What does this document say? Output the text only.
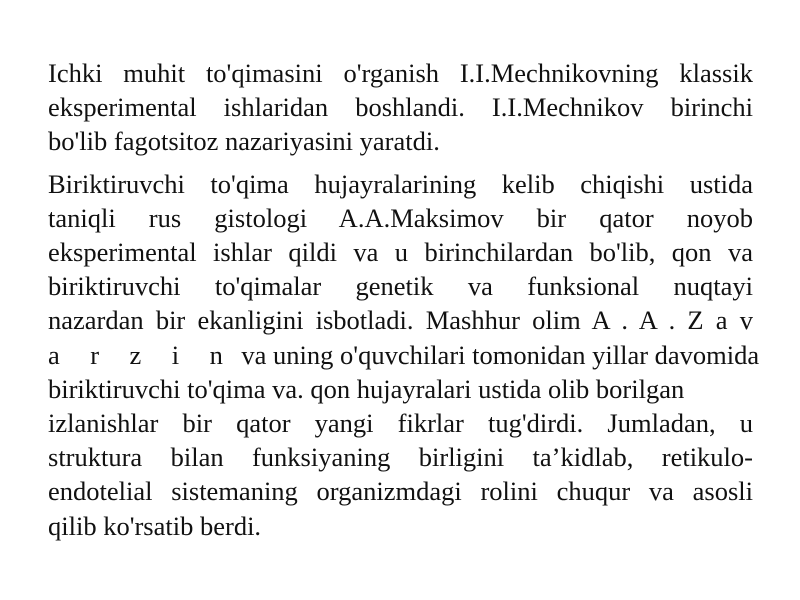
Ichki muhit to'qimasini o'rganish I.I.Mechnikovning klassik
eksperimental ishlaridan boshlandi. I.I.Mechnikov birinchi
bo'lib fagotsitoz nazariyasini yaratdi.

Biriktiruvchi to'qima hujayralarining kelib chiqishi ustida
taniqli rus gistologi A.A.Maksimov bir qator noyob
eksperimental ishlar qildi va u birinchilardan bo'lib, qon va
biriktiruvchi to'qimalar genetik va funksional nuqtayi
nazardan bir ekanligini isbotladi. Mashhur olim A . A . Z a v
a r z i n va uning o'quvchilari tomonidan yillar davomida
biriktiruvchi to'qima va. qon hujayralari ustida olib borilgan
izlanishlar bir qator yangi fikrlar tug'dirdi. Jumladan, u
struktura bilan funksiyaning birligini ta’kidlab, retikulo-
endotelial sistemaning organizmdagi rolini chuqur va asosli
qilib ko'rsatib berdi.
